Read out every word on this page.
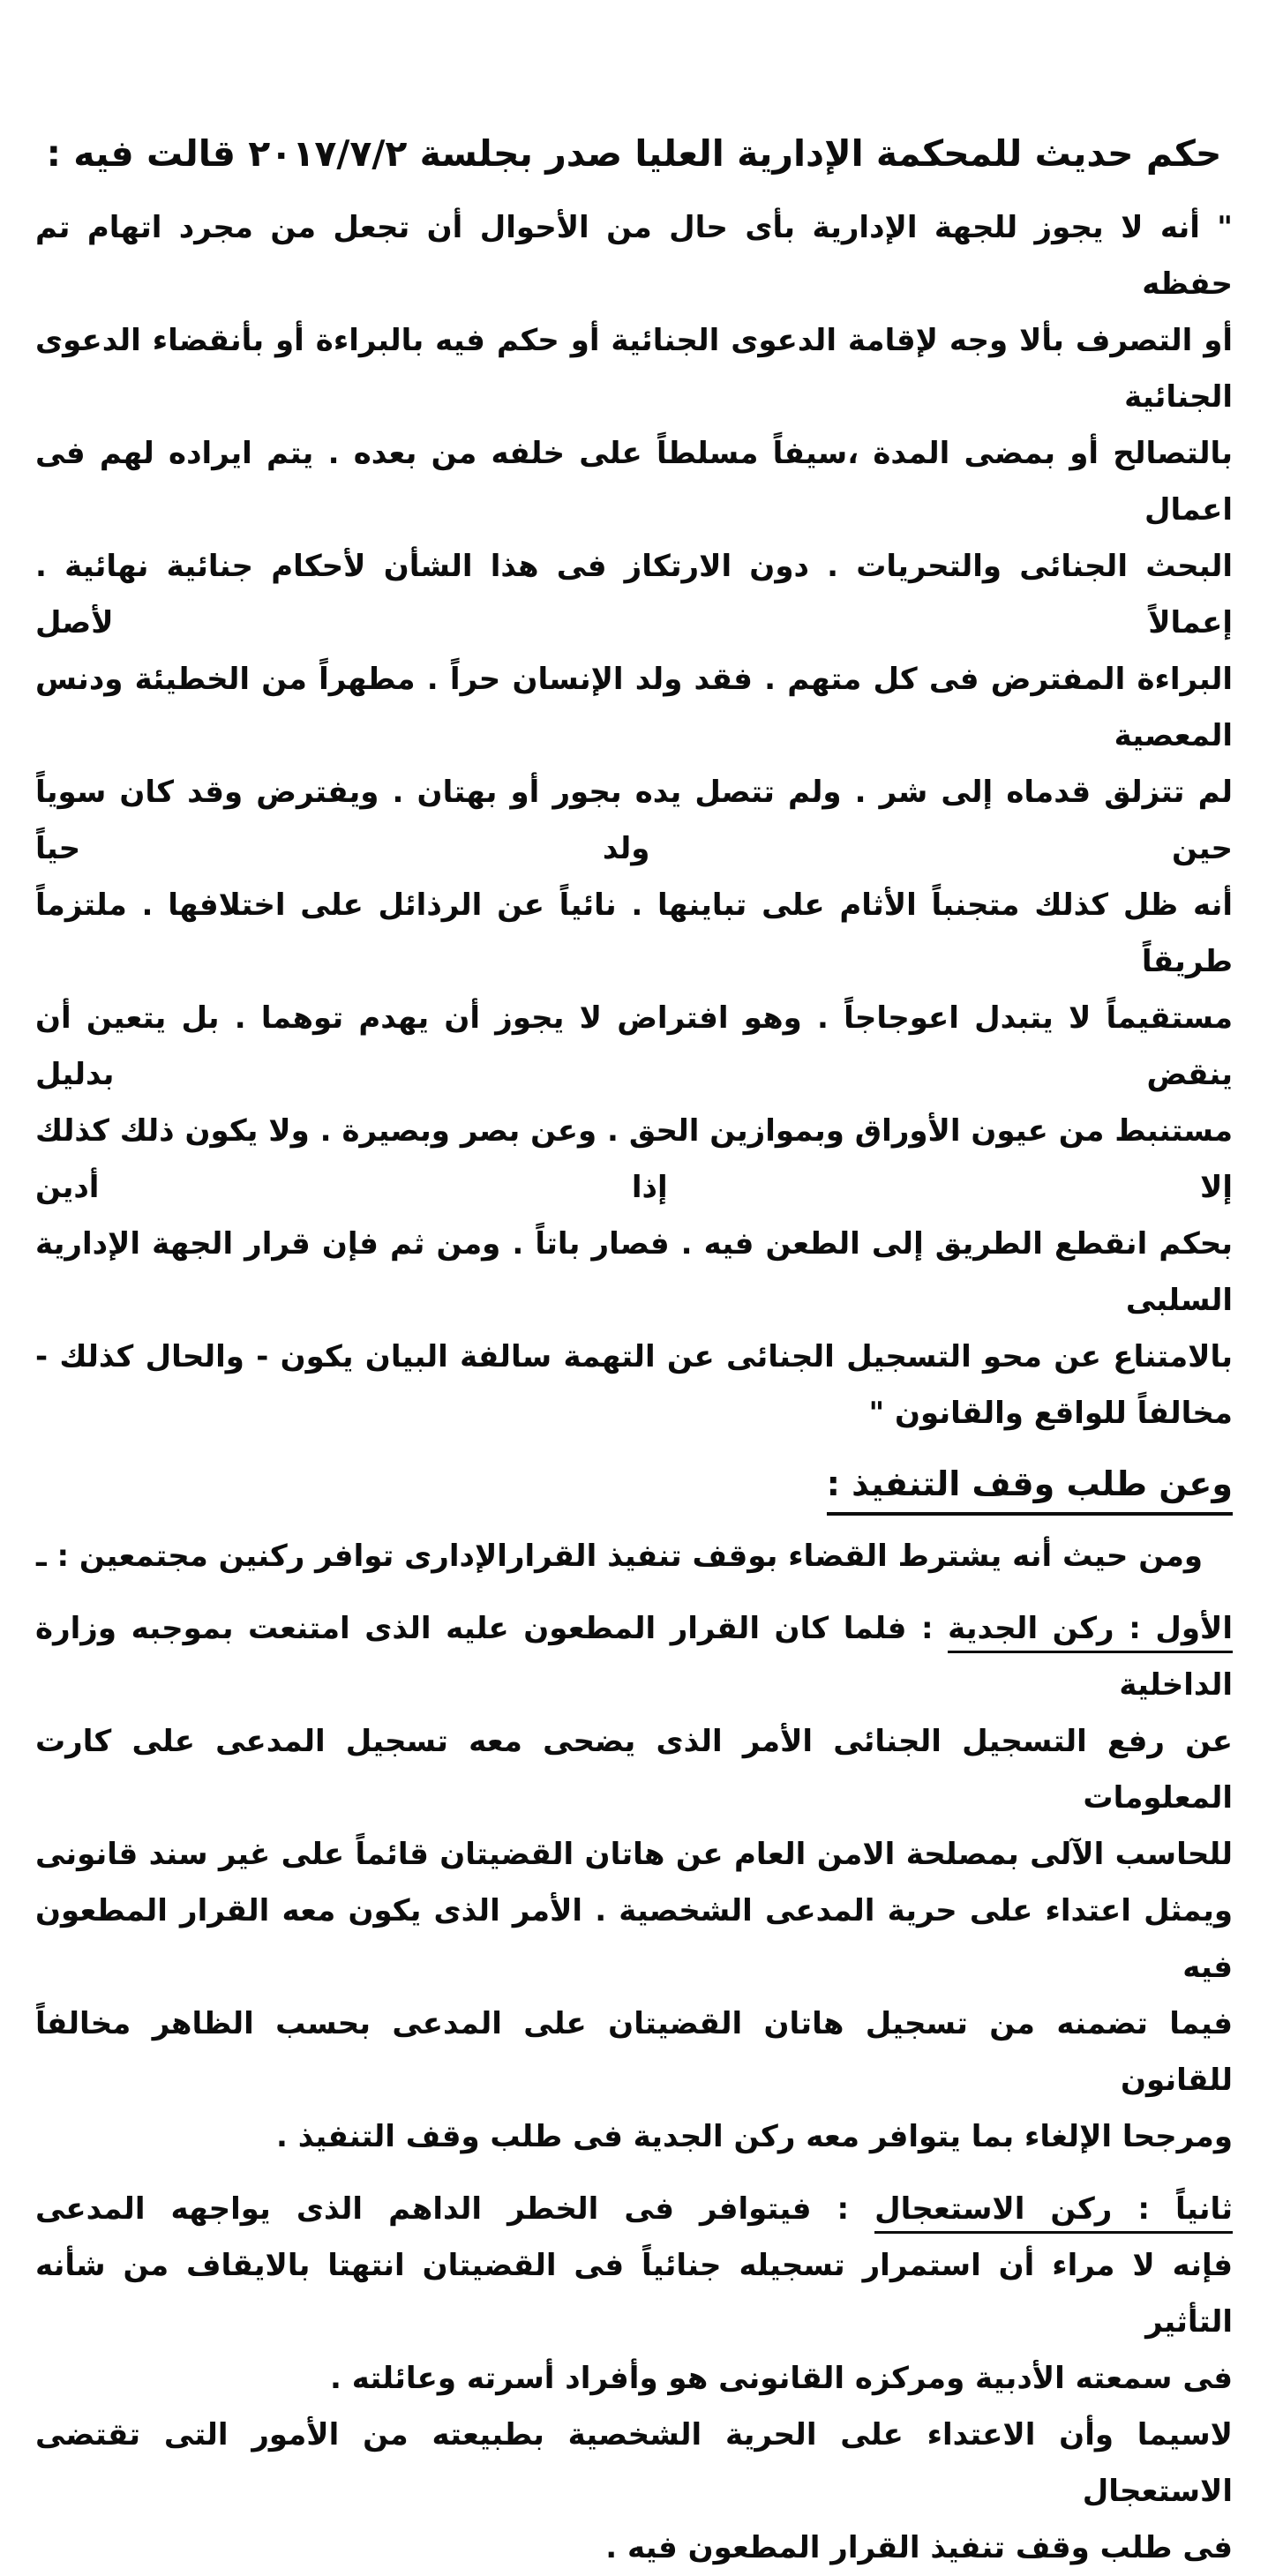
حكم حديث للمحكمة الإدارية العليا صدر بجلسة ٢٠١٧/٧/٢ قالت فيه :
" أنه لا يجوز للجهة الإدارية بأى حال من الأحوال أن تجعل من مجرد اتهام تم حفظه
أو التصرف بألا وجه لإقامة الدعوى الجنائية أو حكم فيه بالبراءة أو بأنقضاء الدعوى الجنائية
بالتصالح أو بمضى المدة ،سيفاً مسلطاً على خلفه من بعده . يتم ايراده لهم فى اعمال
البحث الجنائى والتحريات . دون الارتكاز فى هذا الشأن لأحكام جنائية نهائية . إعمالاً لأصل
البراءة المفترض فى كل متهم . فقد ولد الإنسان حراً . مطهراً من الخطيئة ودنس المعصية
لم تتزلق قدماه إلى شر . ولم تتصل يده بجور أو بهتان . ويفترض وقد كان سوياً حين ولد حياً
أنه ظل كذلك متجنباً الأثام على تباينها . نائياً عن الرذائل على اختلافها . ملتزماً طريقاً
مستقيماً لا يتبدل اعوجاجاً . وهو افتراض لا يجوز أن يهدم توهما . بل يتعين أن ينقض بدليل
مستنبط من عيون الأوراق وبموازين الحق . وعن بصر وبصيرة . ولا يكون ذلك كذلك إلا إذا أدين
بحكم انقطع الطريق إلى الطعن فيه . فصار باتاً . ومن ثم فإن قرار الجهة الإدارية السلبى
بالامتناع عن محو التسجيل الجنائى عن التهمة سالفة البيان يكون - والحال كذلك -
مخالفاً للواقع والقانون "
وعن طلب وقف التنفيذ :
ومن حيث أنه يشترط القضاء بوقف تنفيذ القرارالإدارى توافر ركنين مجتمعين : ـ
الأول : ركن الجدية : فلما كان القرار المطعون عليه الذى امتنعت بموجبه وزارة الداخلية
عن رفع التسجيل الجنائى الأمر الذى يضحى معه تسجيل المدعى على كارت المعلومات
للحاسب الآلى بمصلحة الامن العام عن هاتان القضيتان قائماً على غير سند قانونى
ويمثل اعتداء على حرية المدعى الشخصية . الأمر الذى يكون معه القرار المطعون فيه
فيما تضمنه من تسجيل هاتان القضيتان على المدعى بحسب الظاهر مخالفاً للقانون
ومرجحا الإلغاء بما يتوافر معه ركن الجدية فى طلب وقف التنفيذ .
ثانياً : ركن الاستعجال : فيتوافر فى الخطر الداهم الذى يواجهه المدعى
فإنه لا مراء أن استمرار تسجيله جنائياً فى القضيتان انتهتا بالايقاف من شأنه التأثير
فى سمعته الأدبية ومركزه القانونى هو وأفراد أسرته وعائلته .
لاسيما وأن الاعتداء على الحرية الشخصية بطبيعته من الأمور التى تقتضى الاستعجال
فى طلب وقف تنفيذ القرار المطعون فيه .
